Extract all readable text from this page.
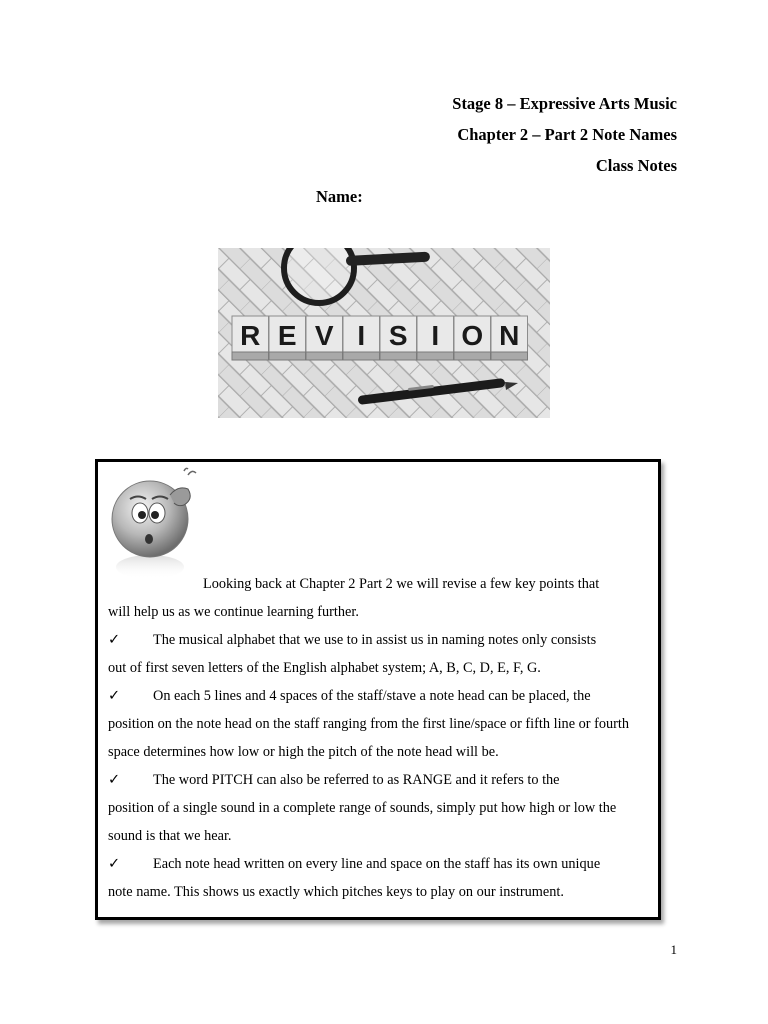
Stage 8 – Expressive Arts Music
Chapter 2 – Part 2 Note Names
Class Notes
Name:
R E V I S I O N

Looking back at Chapter 2 Part 2 we will revise a few key points that
will help us as we continue learning further.

✓ The musical alphabet that we use to in assist us in naming notes only consists
out of first seven letters of the English alphabet system; A, B, C, D, E, F, G.

✓ On each 5 lines and 4 spaces of the staff/stave a note head can be placed, the
position on the note head on the staff ranging from the first line/space or fifth line or fourth space determines how low or high the pitch of the note head will be.

✓ The word PITCH can also be referred to as RANGE and it refers to the
position of a single sound in a complete range of sounds, simply put how high or low the sound is that we hear.

✓ Each note head written on every line and space on the staff has its own unique
note name. This shows us exactly which pitches keys to play on our instrument.

1
